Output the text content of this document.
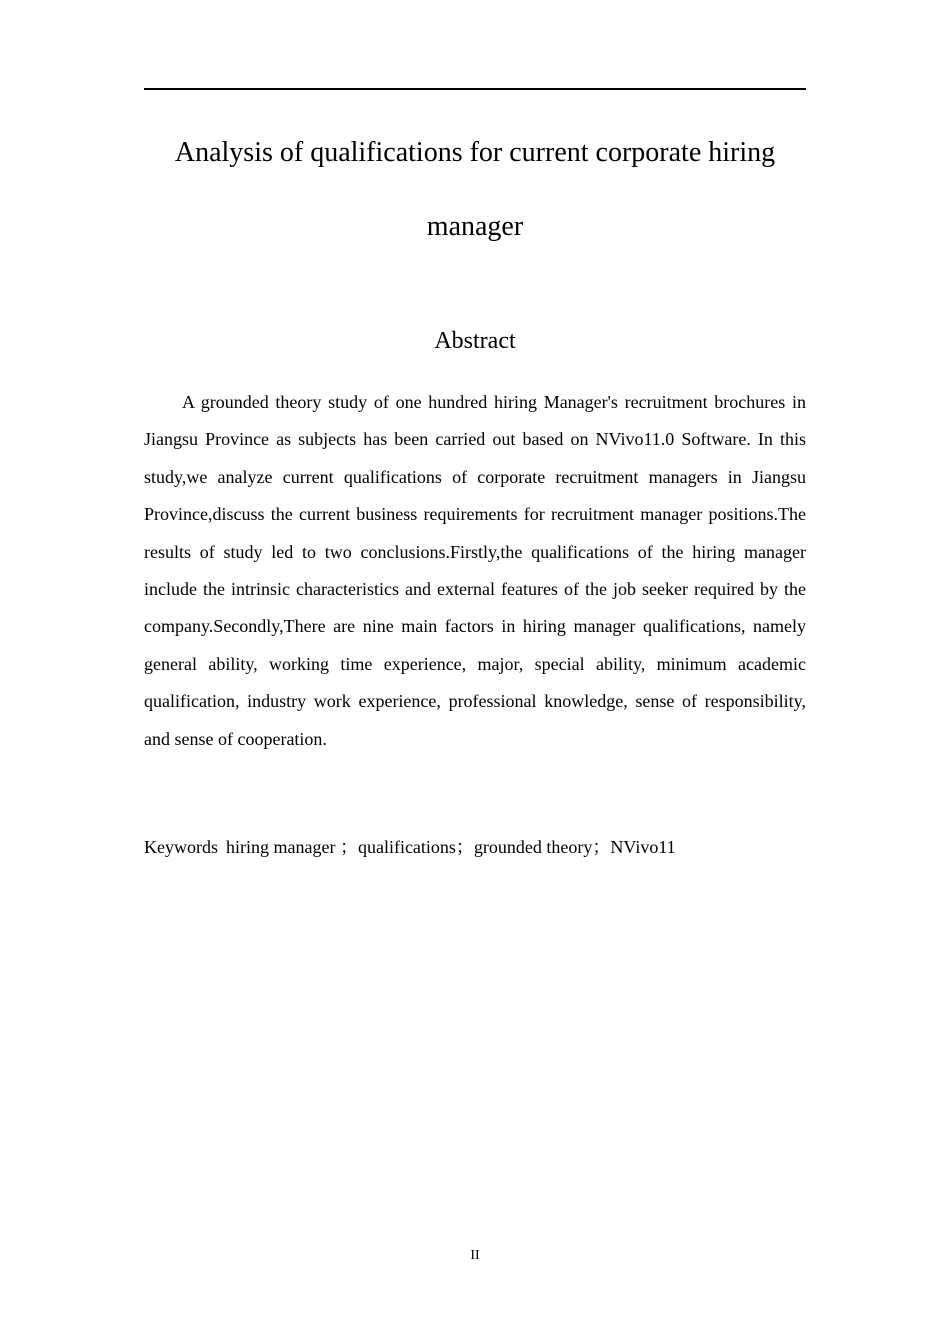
Analysis of qualifications for current corporate hiring manager
Abstract

A grounded theory study of one hundred hiring Manager's recruitment brochures in Jiangsu Province as subjects has been carried out based on NVivo11.0 Software. In this study,we analyze current qualifications of corporate recruitment managers in Jiangsu Province,discuss the current business requirements for recruitment manager positions.The results of study led to two conclusions.Firstly,the qualifications of the hiring manager include the intrinsic characteristics and external features of the job seeker required by the company.Secondly,There are nine main factors in hiring manager qualifications, namely general ability, working time experience, major, special ability, minimum academic qualification, industry work experience, professional knowledge, sense of responsibility, and sense of cooperation.

Keywords hiring manager ；qualifications；grounded theory；NVivo11

II
